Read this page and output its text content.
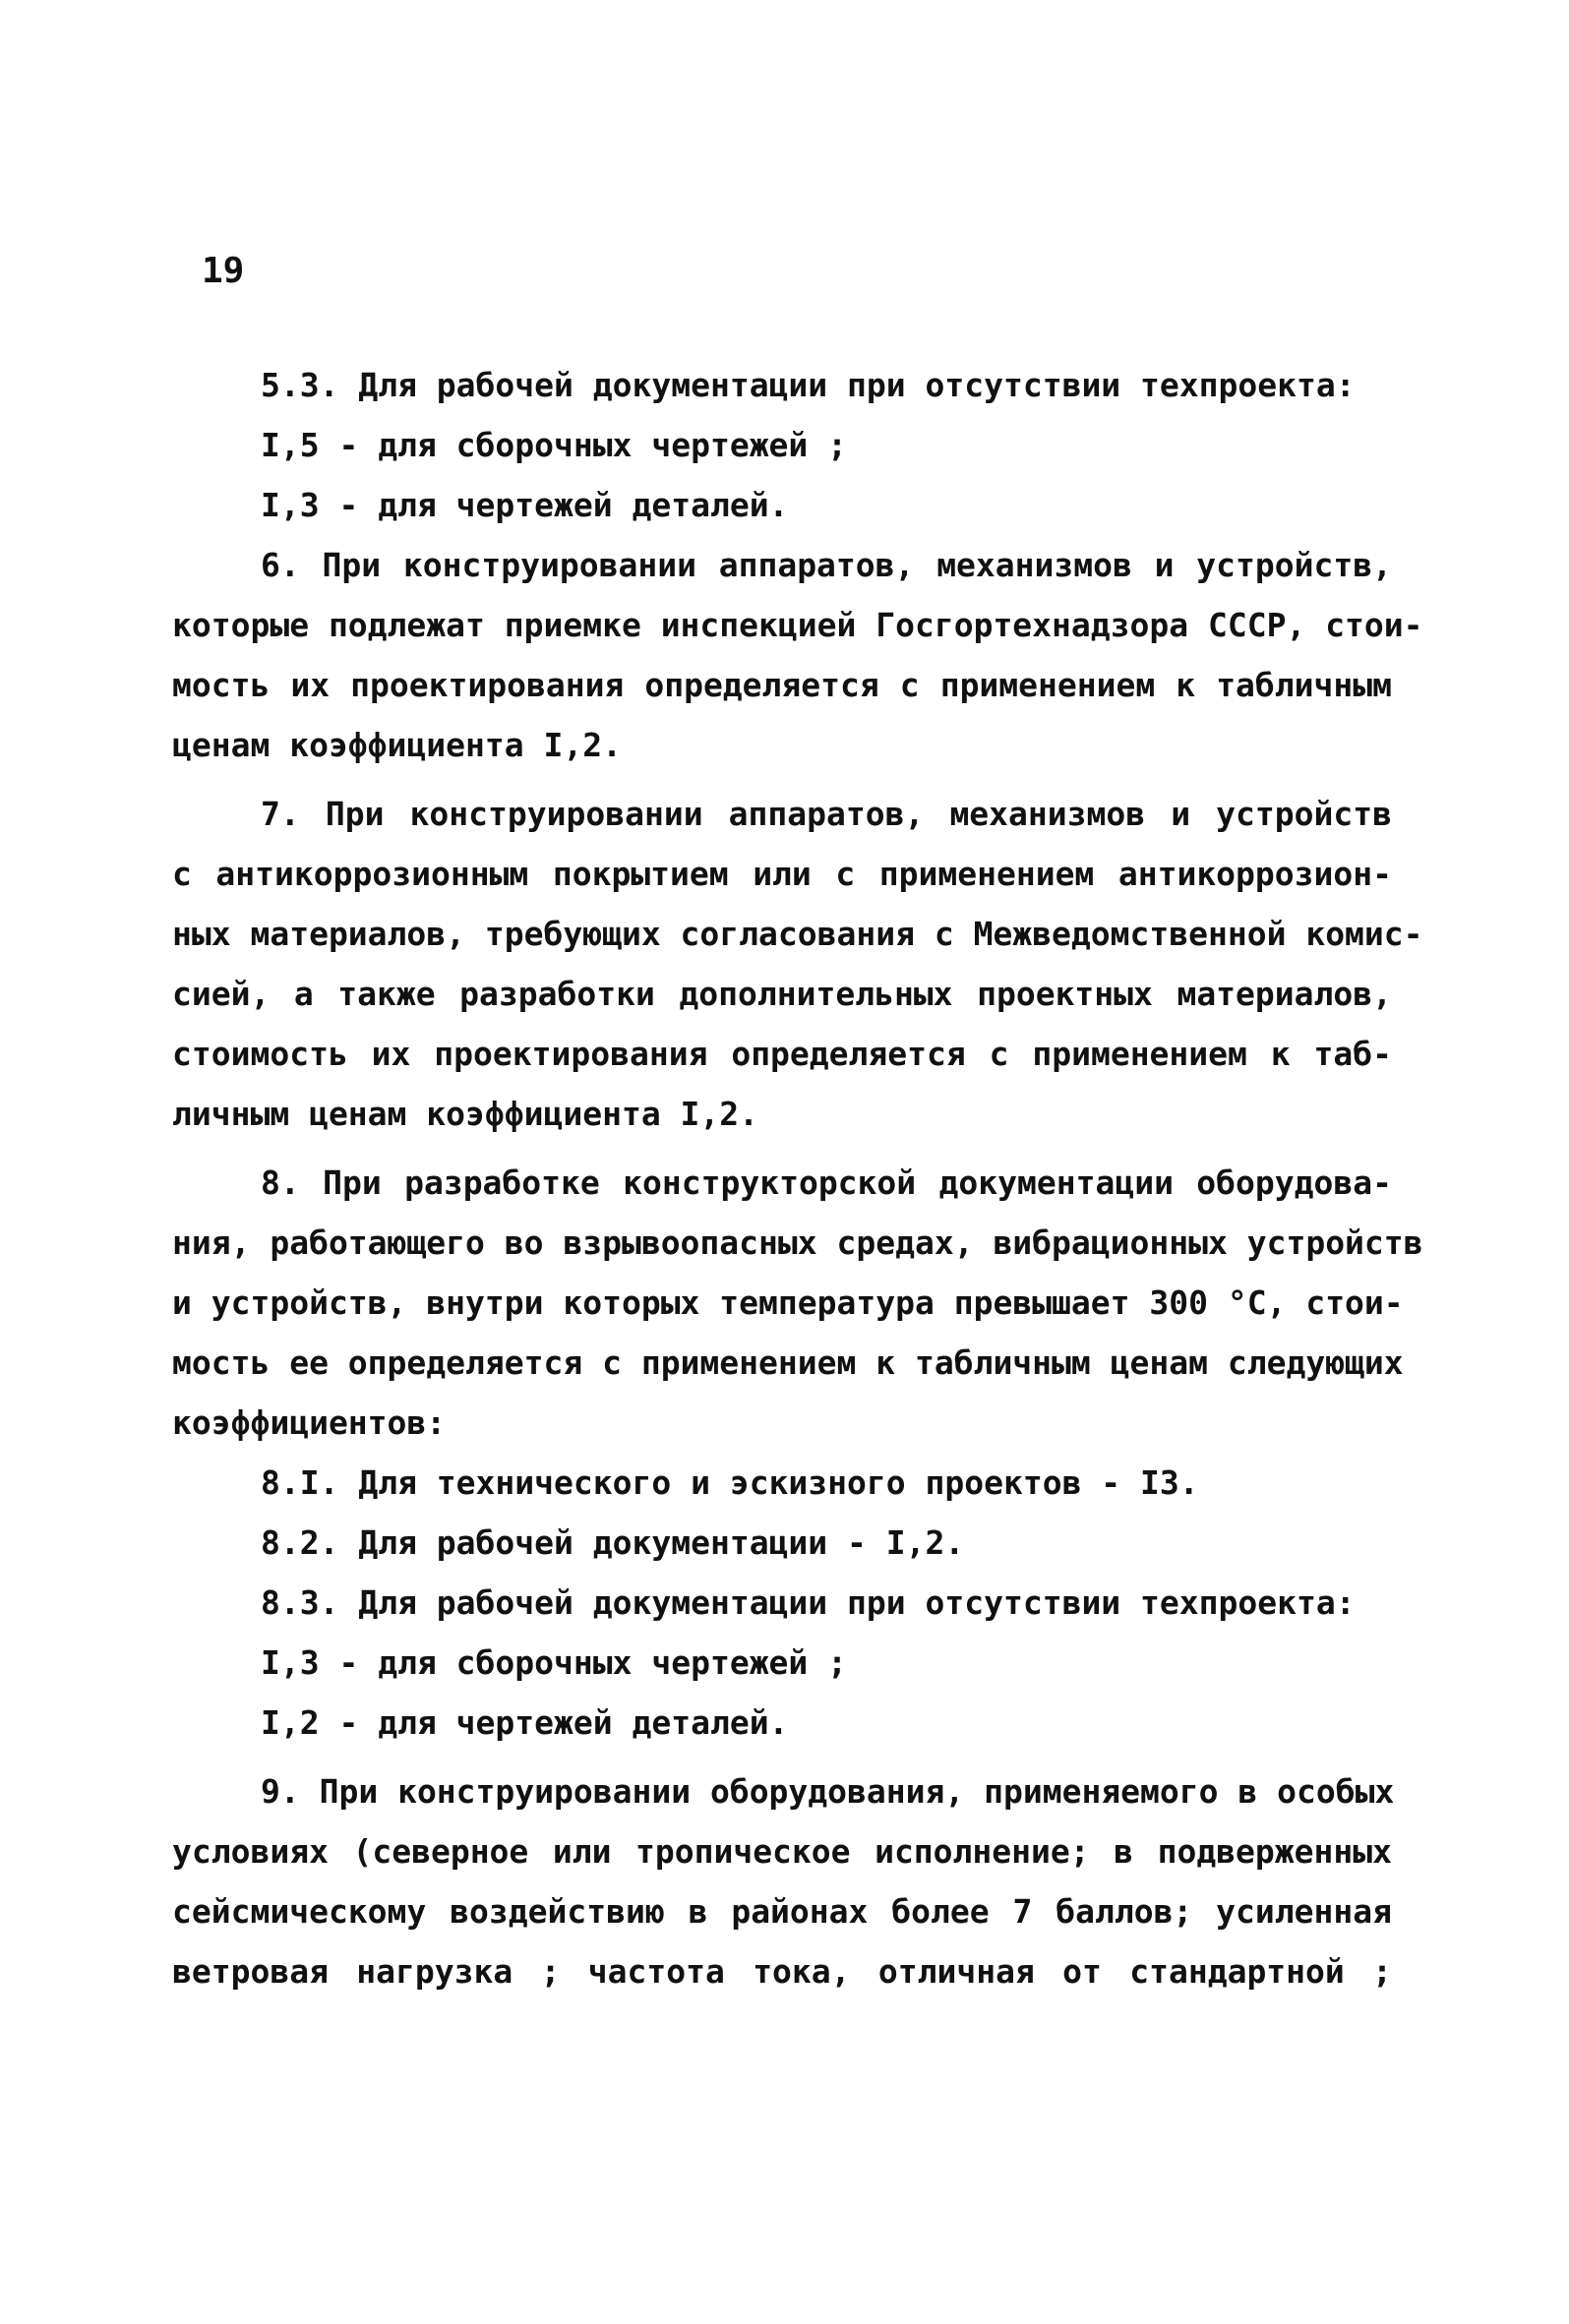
19
5.3. Для рабочей документации при отсутствии техпроекта:
I,5 - для сборочных чертежей ;
I,3 - для чертежей деталей.
6. При конструировании аппаратов, механизмов и устройств,
которые подлежат приемке инспекцией Госгортехнадзора СССР, стои-
мость их проектирования определяется с применением к табличным
ценам коэффициента I,2.
7. При конструировании аппаратов, механизмов и устройств
с антикоррозионным покрытием или с применением антикоррозион-
ных материалов, требующих согласования с Межведомственной комис-
сией, а также разработки дополнительных проектных материалов,
стоимость их проектирования определяется с применением к таб-
личным ценам коэффициента I,2.
8. При разработке конструкторской документации оборудова-
ния, работающего во взрывоопасных средах, вибрационных устройств
и устройств, внутри которых температура превышает 300 °С, стои-
мость ее определяется с применением к табличным ценам следующих
коэффициентов:
8.I. Для технического и эскизного проектов - I3.
8.2. Для рабочей документации - I,2.
8.3. Для рабочей документации при отсутствии техпроекта:
I,3 - для сборочных чертежей ;
I,2 - для чертежей деталей.
9. При конструировании оборудования, применяемого в особых
условиях (северное или тропическое исполнение; в подверженных
сейсмическому воздействию в районах более 7 баллов; усиленная
ветровая нагрузка ; частота тока, отличная от стандартной ;
